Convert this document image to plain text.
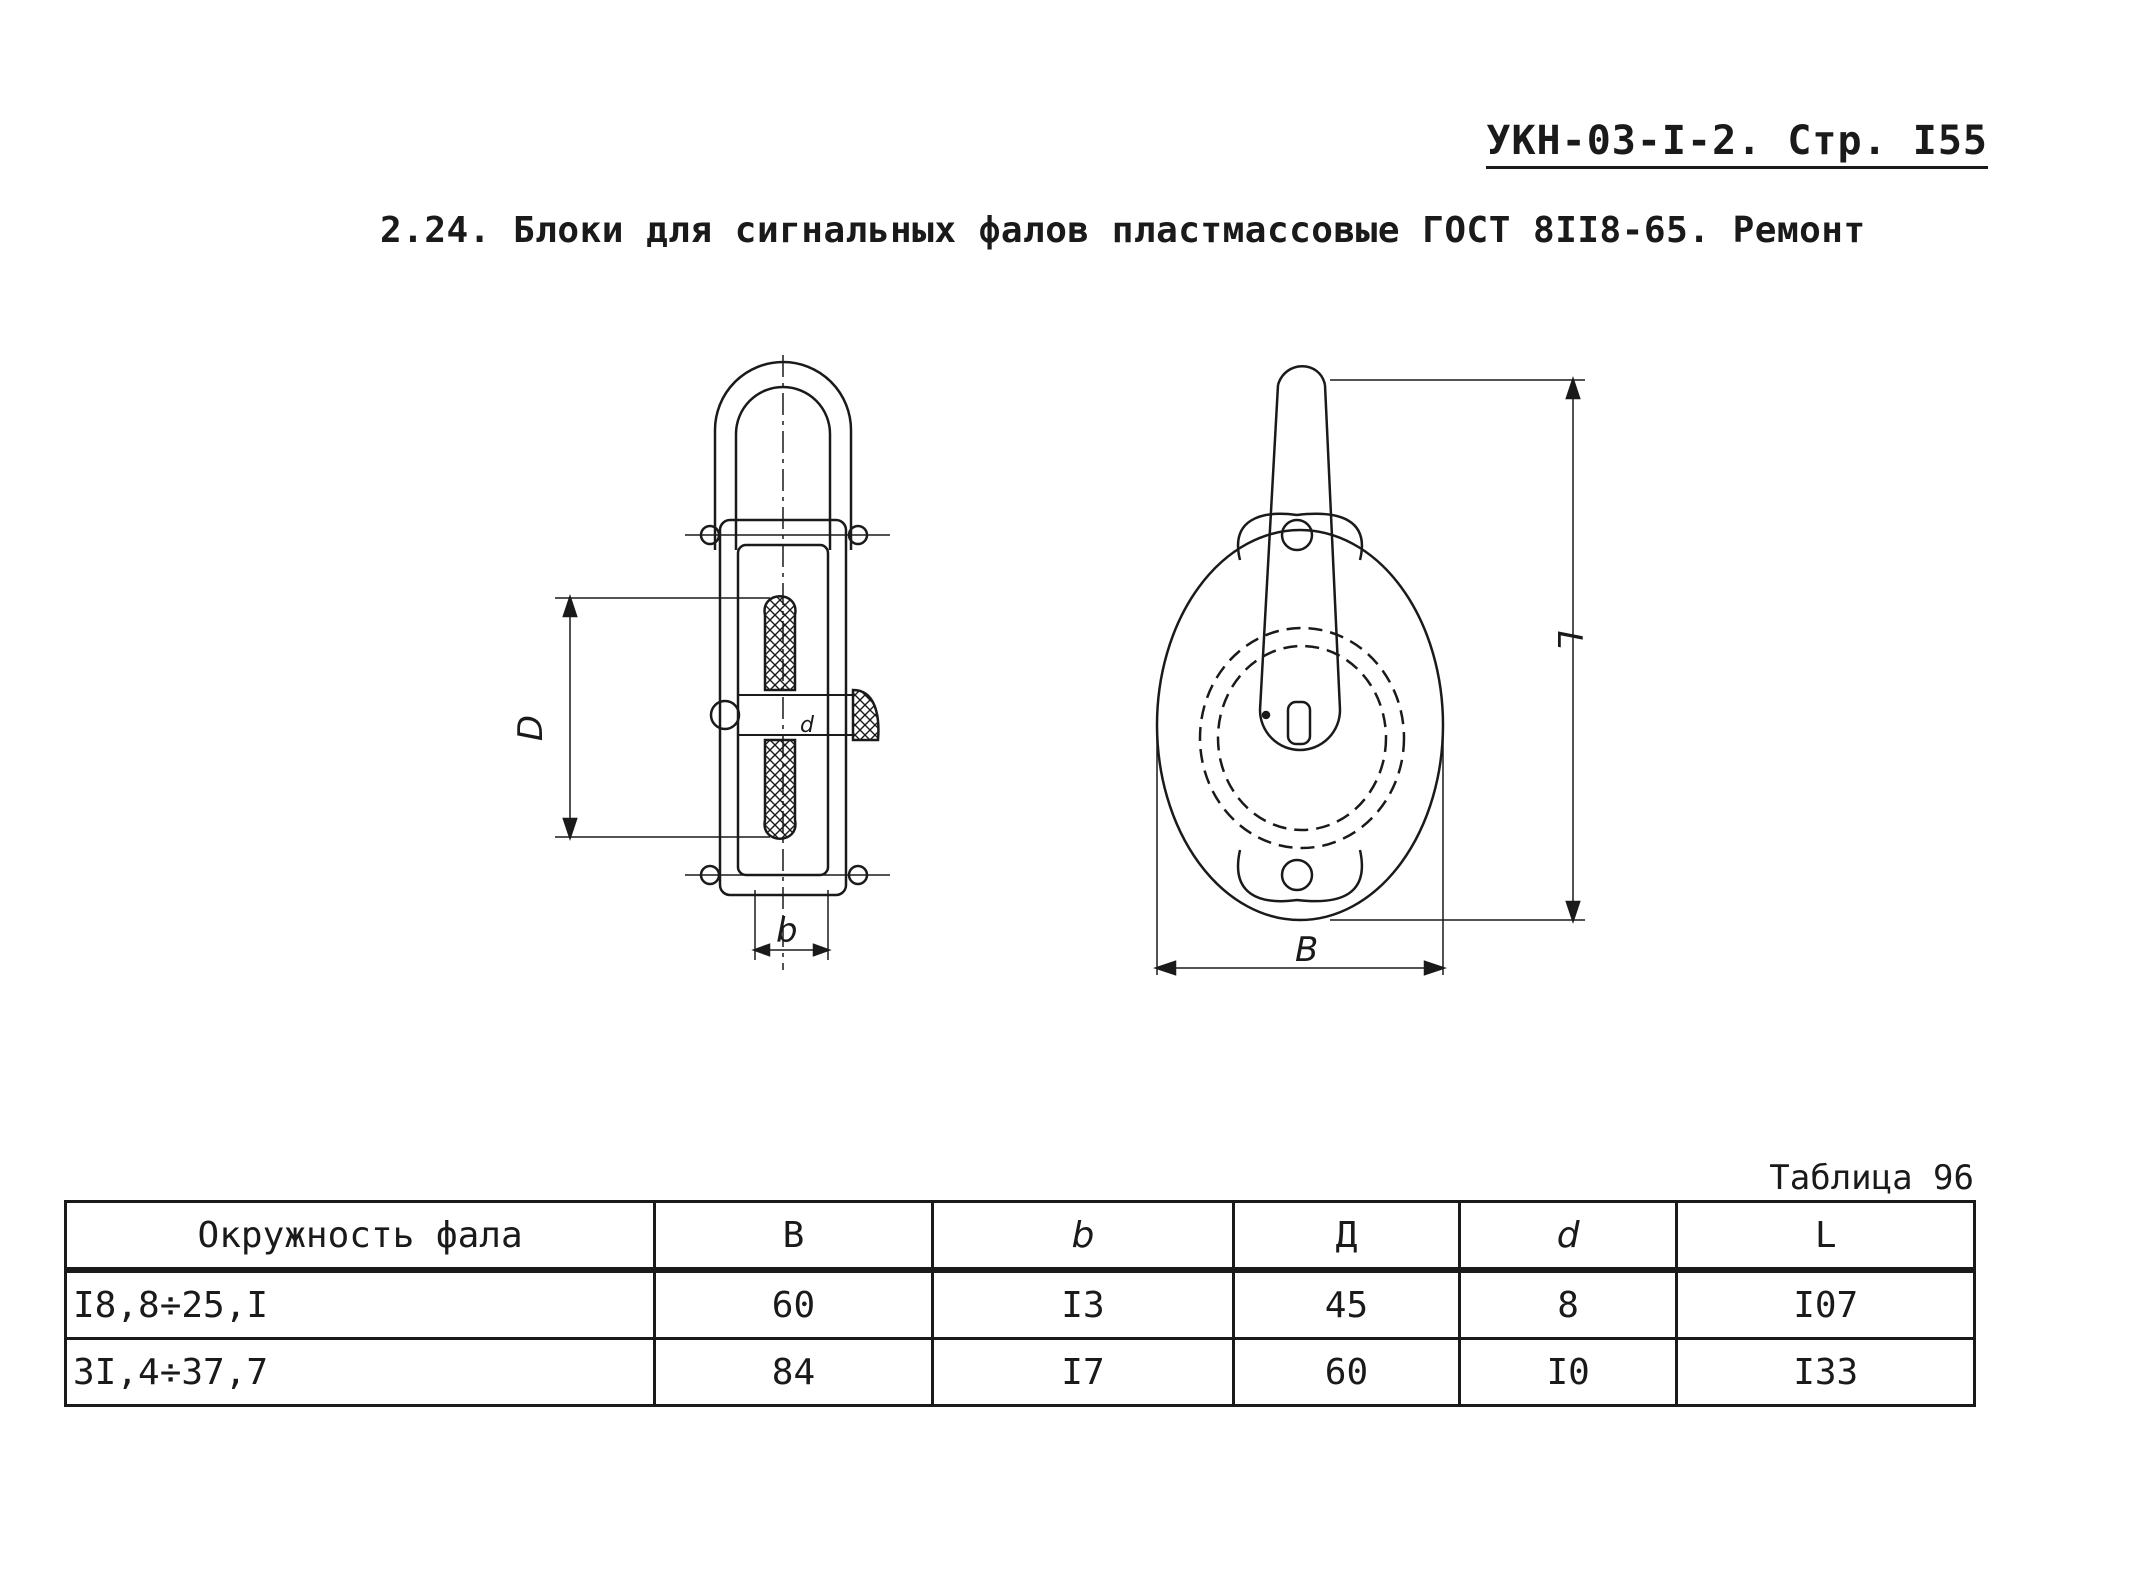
УКН-03-I-2. Стр. I55
2.24. Блоки для сигнальных фалов пластмассовые ГОСТ 8II8-65. Ремонт
D
b	B
L
d
Таблица 96
Окружность фала	В	b	Д	d	L
I8,8÷25,I	60	I3	45	8	I07
3I,4÷37,7	84	I7	60	I0	I33
